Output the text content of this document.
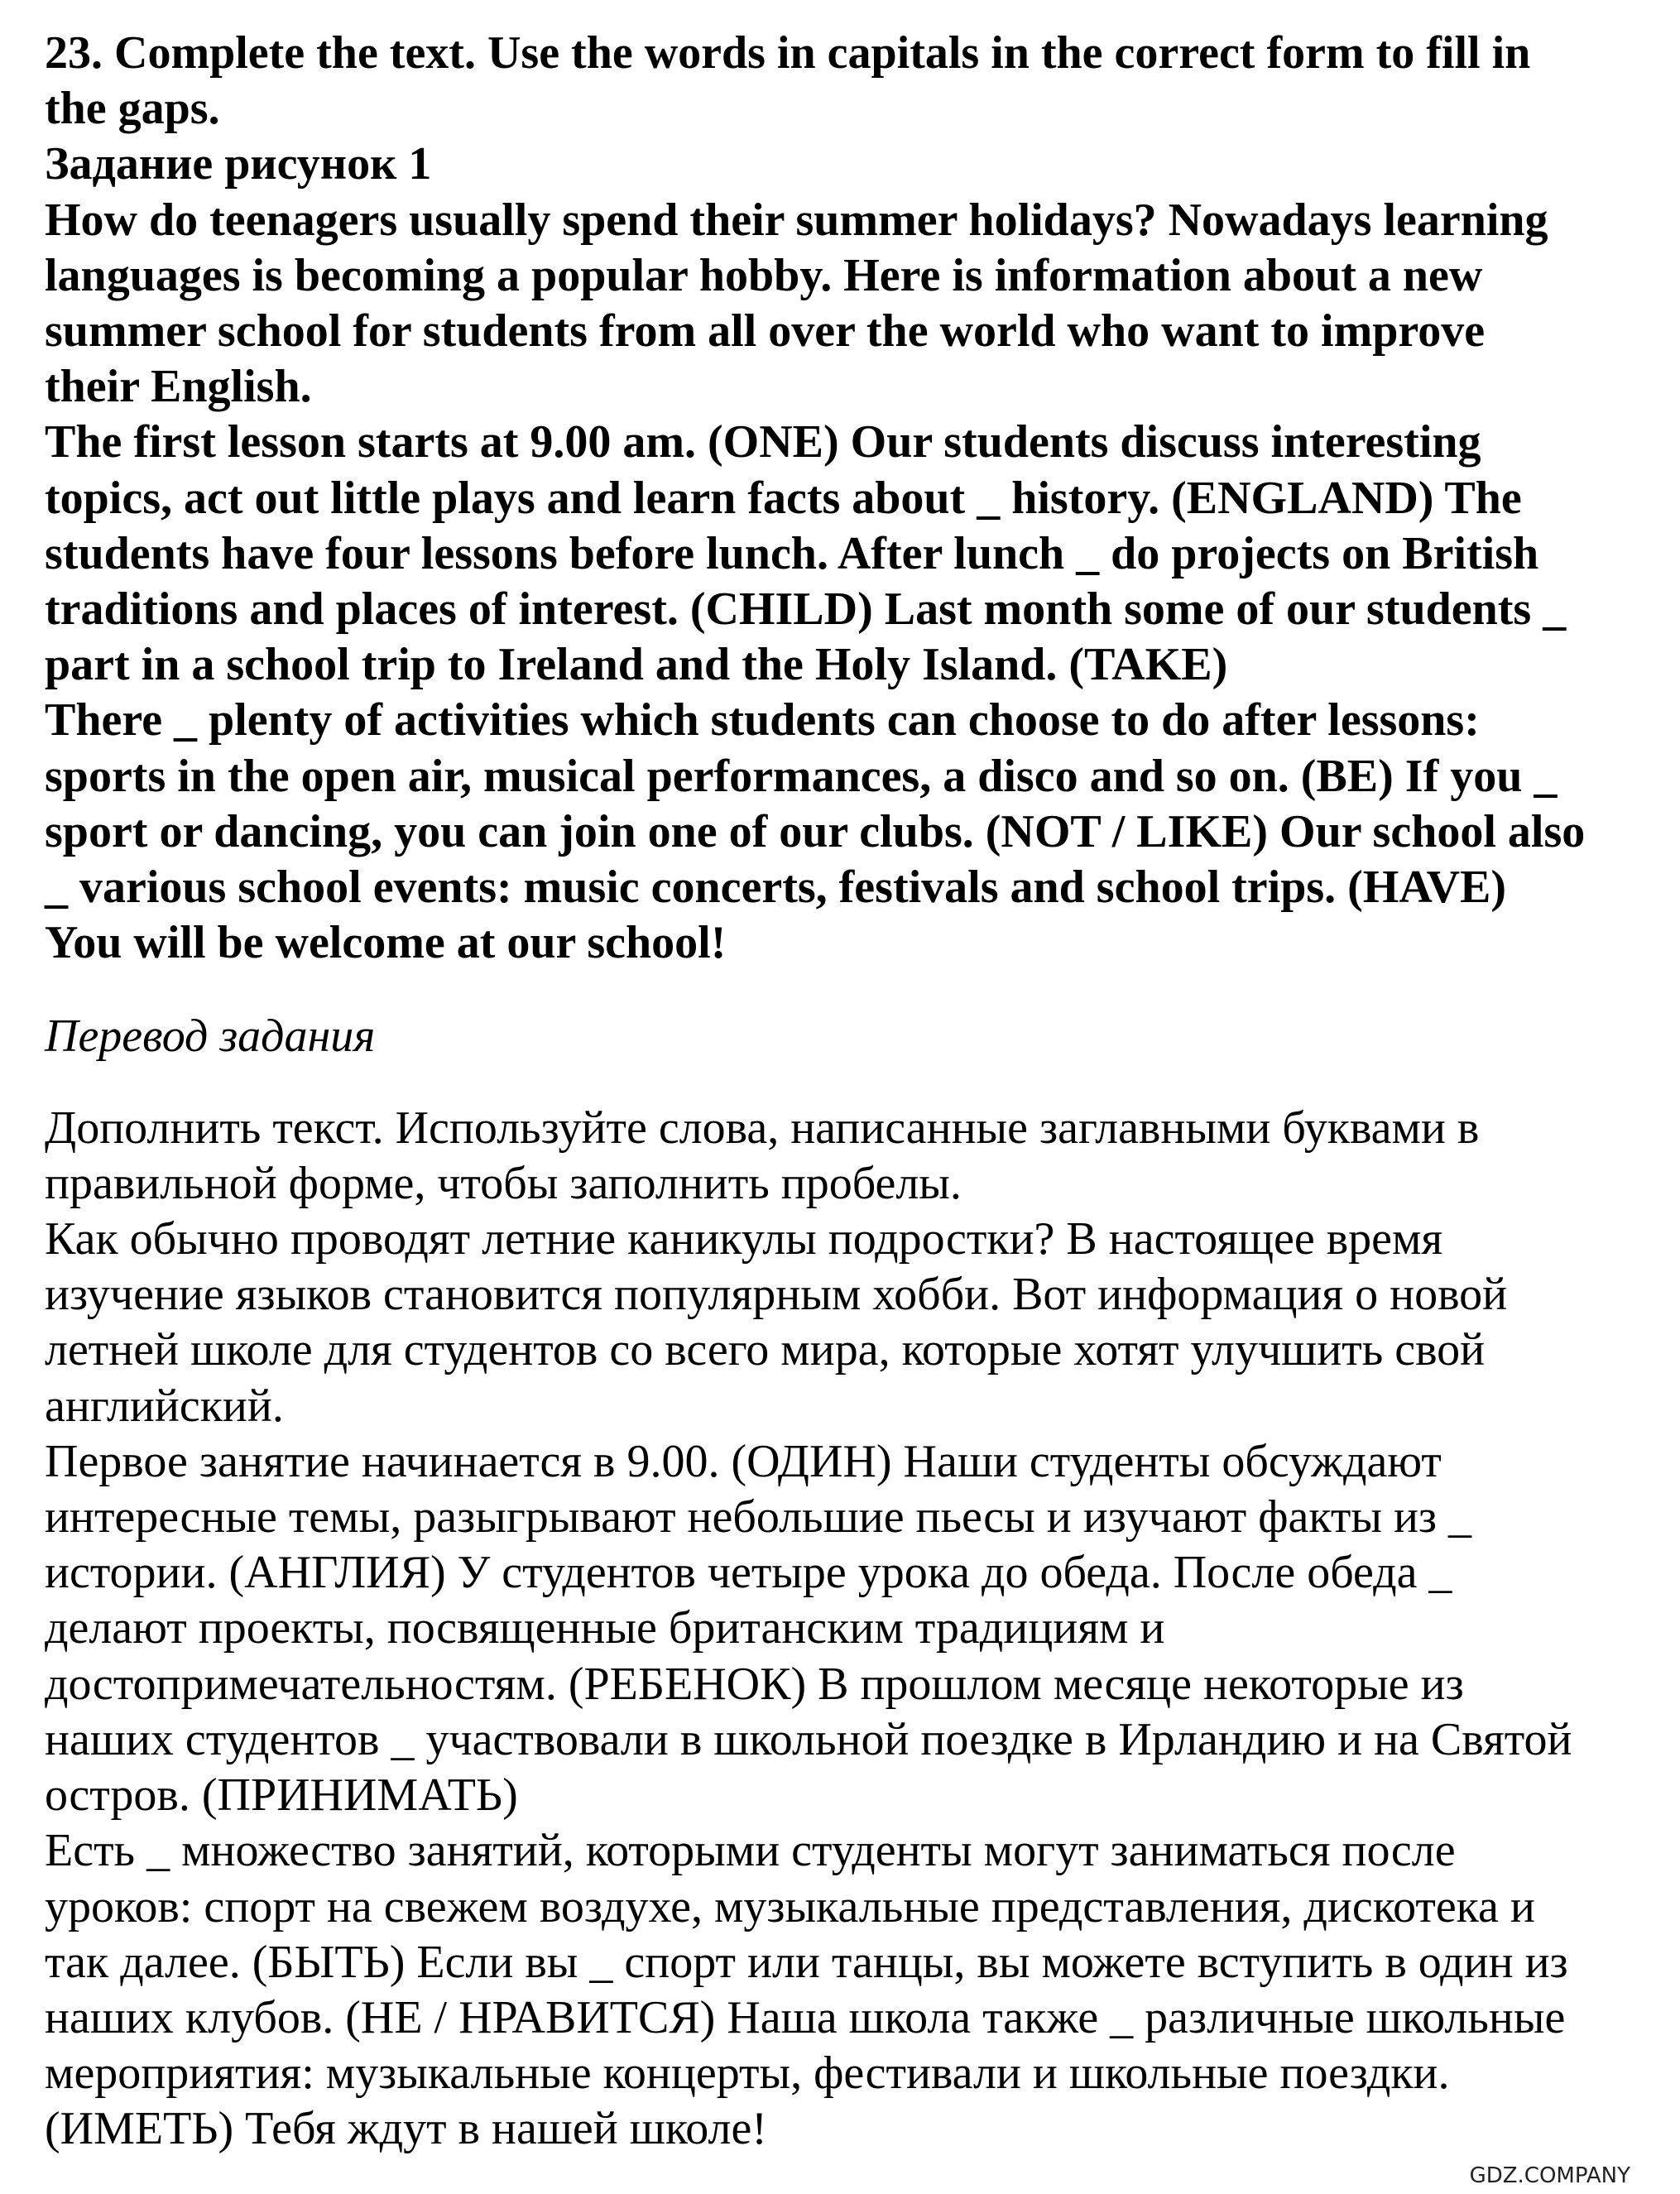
23. Complete the text. Use the words in capitals in the correct form to fill in
the gaps.
Задание рисунок 1
How do teenagers usually spend their summer holidays? Nowadays learning
languages is becoming a popular hobby. Here is information about a new
summer school for students from all over the world who want to improve
their English.
The first lesson starts at 9.00 am. (ONE) Our students discuss interesting
topics, act out little plays and learn facts about _ history. (ENGLAND) The
students have four lessons before lunch. After lunch _ do projects on British
traditions and places of interest. (CHILD) Last month some of our students _
part in a school trip to Ireland and the Holy Island. (TAKE)
There _ plenty of activities which students can choose to do after lessons:
sports in the open air, musical performances, a disco and so on. (BE) If you _
sport or dancing, you can join one of our clubs. (NOT / LIKE) Our school also
_ various school events: music concerts, festivals and school trips. (HAVE)
You will be welcome at our school!
Перевод задания
Дополнить текст. Используйте слова, написанные заглавными буквами в
правильной форме, чтобы заполнить пробелы.
Как обычно проводят летние каникулы подростки? В настоящее время
изучение языков становится популярным хобби. Вот информация о новой
летней школе для студентов со всего мира, которые хотят улучшить свой
английский.
Первое занятие начинается в 9.00. (ОДИН) Наши студенты обсуждают
интересные темы, разыгрывают небольшие пьесы и изучают факты из _
истории. (АНГЛИЯ) У студентов четыре урока до обеда. После обеда _
делают проекты, посвященные британским традициям и
достопримечательностям. (РЕБЕНОК) В прошлом месяце некоторые из
наших студентов _ участвовали в школьной поездке в Ирландию и на Святой
остров. (ПРИНИМАТЬ)
Есть _ множество занятий, которыми студенты могут заниматься после
уроков: спорт на свежем воздухе, музыкальные представления, дискотека и
так далее. (БЫТЬ) Если вы _ спорт или танцы, вы можете вступить в один из
наших клубов. (НЕ / НРАВИТСЯ) Наша школа также _ различные школьные
мероприятия: музыкальные концерты, фестивали и школьные поездки.
(ИМЕТЬ) Тебя ждут в нашей школе!
GDZ.COMPANY
